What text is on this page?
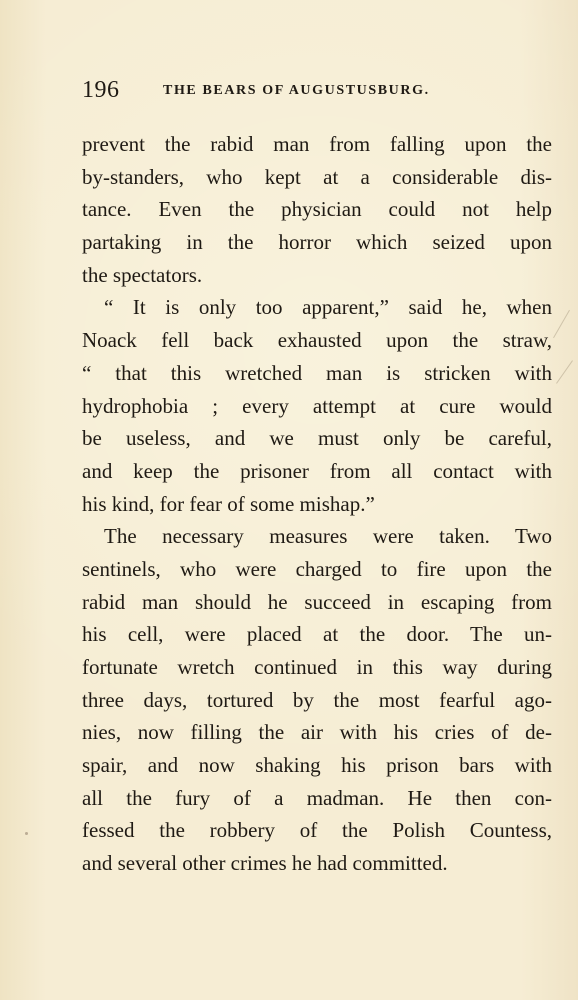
196	THE BEARS OF AUGUSTUSBURG.
prevent the rabid man from falling upon the
by-standers, who kept at a considerable dis-
tance. Even the physician could not help
partaking in the horror which seized upon
the spectators.
“ It is only too apparent,” said he, when
Noack fell back exhausted upon the straw,
“ that this wretched man is stricken with
hydrophobia ; every attempt at cure would
be useless, and we must only be careful,
and keep the prisoner from all contact with
his kind, for fear of some mishap.”
The necessary measures were taken. Two
sentinels, who were charged to fire upon the
rabid man should he succeed in escaping from
his cell, were placed at the door. The un-
fortunate wretch continued in this way during
three days, tortured by the most fearful ago-
nies, now filling the air with his cries of de-
spair, and now shaking his prison bars with
all the fury of a madman. He then con-
fessed the robbery of the Polish Countess,
and several other crimes he had committed.
